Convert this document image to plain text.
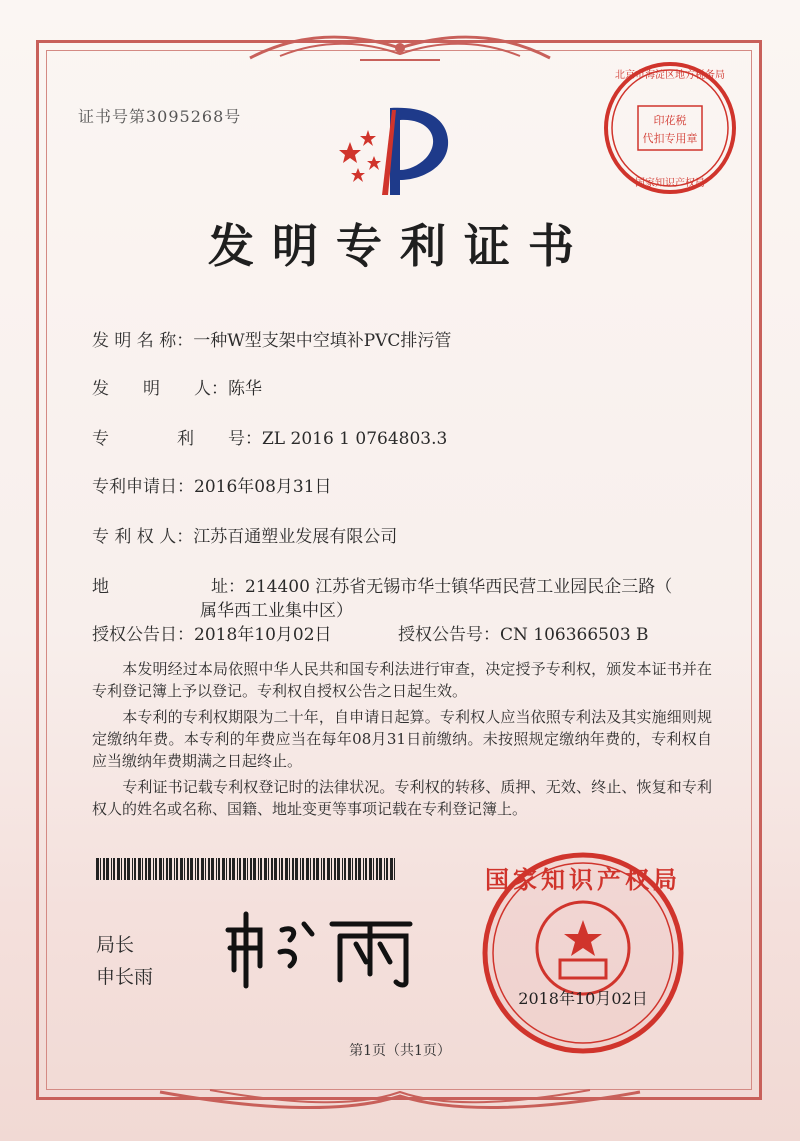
证书号第3095268号
北京市海淀区地方税务局
印花税
代扣专用章
国家知识产权局
发明专利证书
发 明 名 称：一种W型支架中空填补PVC排污管
发　　明　　人：陈华
专　　　　利　　号：ZL 2016 1 0764803.3
专利申请日：2016年08月31日
专 利 权 人：江苏百通塑业发展有限公司
地　　　　　　址：214400 江苏省无锡市华士镇华西民营工业园民企三路（
属华西工业集中区）
授权公告日：2018年10月02日	授权公告号：CN 106366503 B
　　本发明经过本局依照中华人民共和国专利法进行审查，决定授予专利权，颁发本证书并在专利登记簿上予以登记。专利权自授权公告之日起生效。
　　本专利的专利权期限为二十年，自申请日起算。专利权人应当依照专利法及其实施细则规定缴纳年费。本专利的年费应当在每年08月31日前缴纳。未按照规定缴纳年费的，专利权自应当缴纳年费期满之日起终止。
　　专利证书记载专利权登记时的法律状况。专利权的转移、质押、无效、终止、恢复和专利权人的姓名或名称、国籍、地址变更等事项记载在专利登记簿上。
局长
申长雨
国家知识产权局
2018年10月02日
第1页（共1页）
